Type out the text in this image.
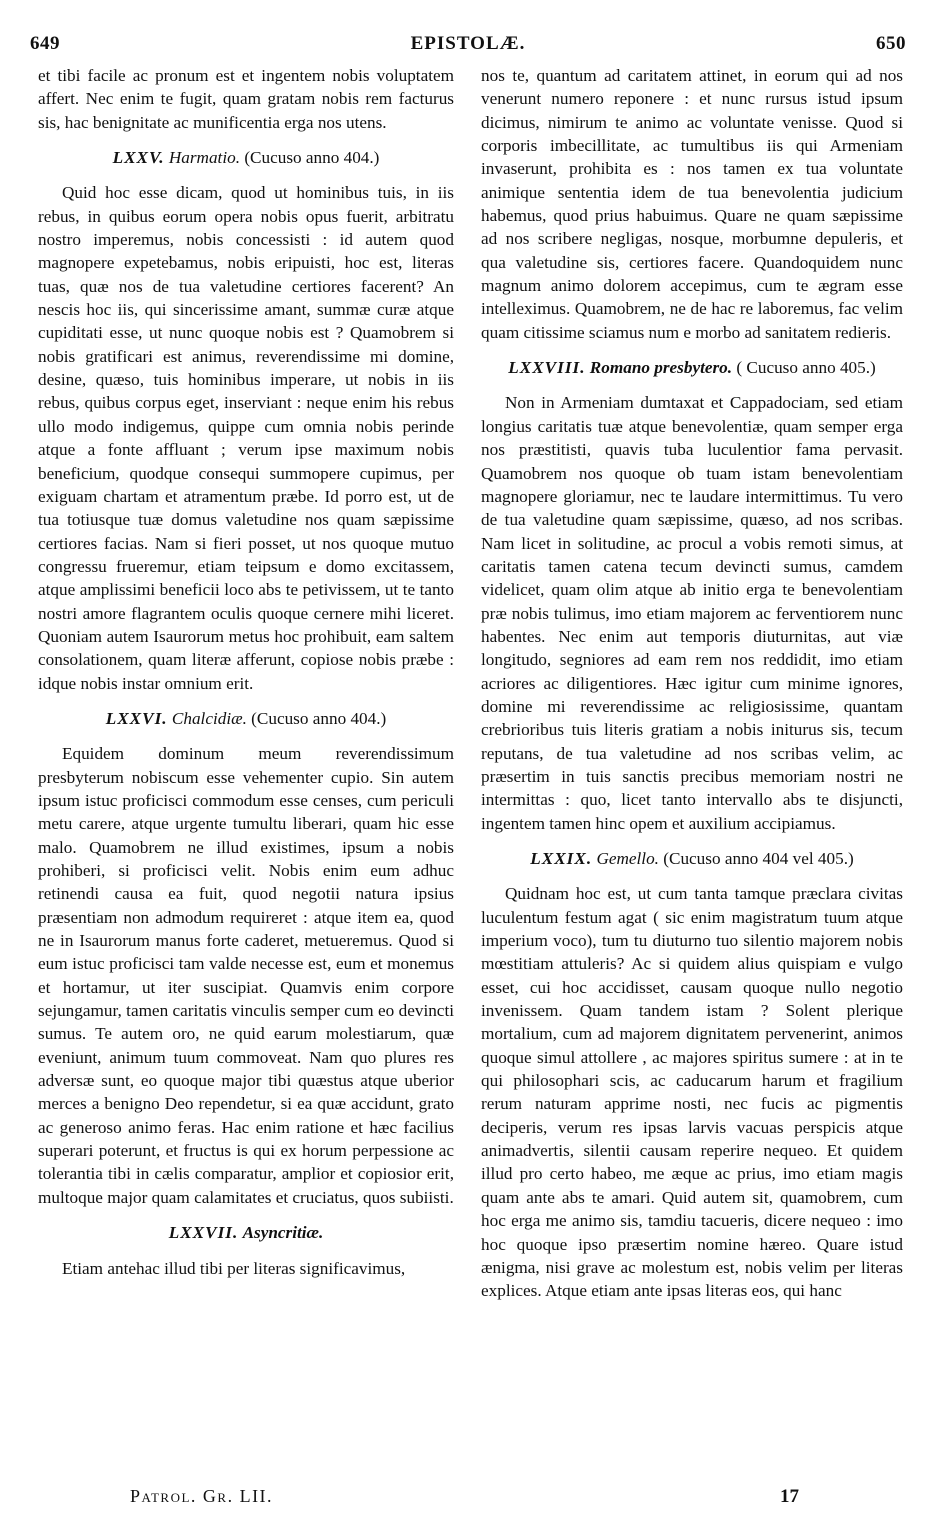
649	EPISTOLÆ.	650

et tibi facile ac pronum est et ingentem nobis voluptatem affert. Nec enim te fugit, quam gratam nobis rem facturus sis, hac benignitate ac munificentia erga nos utens.

LXXV. Harmatio. (Cucuso anno 404.)

Quid hoc esse dicam, quod ut hominibus tuis, in iis rebus, in quibus eorum opera nobis opus fuerit, arbitratu nostro imperemus, nobis concessisti : id autem quod magnopere expetebamus, nobis eripuisti, hoc est, literas tuas, quæ nos de tua valetudine certiores facerent? An nescis hoc iis, qui sincerissime amant, summæ curæ atque cupiditati esse, ut nunc quoque nobis est ? Quamobrem si nobis gratificari est animus, reverendissime mi domine, desine, quæso, tuis hominibus imperare, ut nobis in iis rebus, quibus corpus eget, inserviant : neque enim his rebus ullo modo indigemus, quippe cum omnia nobis perinde atque a fonte affluant ; verum ipse maximum nobis beneficium, quodque consequi summopere cupimus, per exiguam chartam et atramentum præbe. Id porro est, ut de tua totiusque tuæ domus valetudine nos quam sæpissime certiores facias. Nam si fieri posset, ut nos quoque mutuo congressu frueremur, etiam teipsum e domo excitassem, atque amplissimi beneficii loco abs te petivissem, ut te tanto nostri amore flagrantem oculis quoque cernere mihi liceret. Quoniam autem Isaurorum metus hoc prohibuit, eam saltem consolationem, quam literæ afferunt, copiose nobis præbe : idque nobis instar omnium erit.

LXXVI. Chalcidiæ. (Cucuso anno 404.)

Equidem dominum meum reverendissimum presbyterum nobiscum esse vehementer cupio. Sin autem ipsum istuc proficisci commodum esse censes, cum periculi metu carere, atque urgente tumultu liberari, quam hic esse malo. Quamobrem ne illud existimes, ipsum a nobis prohiberi, si proficisci velit. Nobis enim eum adhuc retinendi causa ea fuit, quod negotii natura ipsius præsentiam non admodum requireret : atque item ea, quod ne in Isaurorum manus forte caderet, metueremus. Quod si eum istuc proficisci tam valde necesse est, eum et monemus et hortamur, ut iter suscipiat. Quamvis enim corpore sejungamur, tamen caritatis vinculis semper cum eo devincti sumus. Te autem oro, ne quid earum molestiarum, quæ eveniunt, animum tuum commoveat. Nam quo plures res adversæ sunt, eo quoque major tibi quæstus atque uberior merces a benigno Deo rependetur, si ea quæ accidunt, grato ac generoso animo feras. Hac enim ratione et hæc facilius superari poterunt, et fructus is qui ex horum perpessione ac tolerantia tibi in cælis comparatur, amplior et copiosior erit, multoque major quam calamitates et cruciatus, quos subiisti.

LXXVII. Asyncritiæ.

Etiam antehac illud tibi per literas significavimus,

nos te, quantum ad caritatem attinet, in eorum qui ad nos venerunt numero reponere : et nunc rursus istud ipsum dicimus, nimirum te animo ac voluntate venisse. Quod si corporis imbecillitate, ac tumultibus iis qui Armeniam invaserunt, prohibita es : nos tamen ex tua voluntate animique sententia idem de tua benevolentia judicium habemus, quod prius habuimus. Quare ne quam sæpissime ad nos scribere negligas, nosque, morbumne depuleris, et qua valetudine sis, certiores facere. Quandoquidem nunc magnum animo dolorem accepimus, cum te ægram esse intelleximus. Quamobrem, ne de hac re laboremus, fac velim quam citissime sciamus num e morbo ad sanitatem redieris.

LXXVIII. Romano presbytero. ( Cucuso anno 405.)

Non in Armeniam dumtaxat et Cappadociam, sed etiam longius caritatis tuæ atque benevolentiæ, quam semper erga nos præstitisti, quavis tuba luculentior fama pervasit. Quamobrem nos quoque ob tuam istam benevolentiam magnopere gloriamur, nec te laudare intermittimus. Tu vero de tua valetudine quam sæpissime, quæso, ad nos scribas. Nam licet in solitudine, ac procul a vobis remoti simus, at caritatis tamen catena tecum devincti sumus, camdem videlicet, quam olim atque ab initio erga te benevolentiam præ nobis tulimus, imo etiam majorem ac ferventiorem nunc habentes. Nec enim aut temporis diuturnitas, aut viæ longitudo, segniores ad eam rem nos reddidit, imo etiam acriores ac diligentiores. Hæc igitur cum minime ignores, domine mi reverendissime ac religiosissime, quantam crebrioribus tuis literis gratiam a nobis initurus sis, tecum reputans, de tua valetudine ad nos scribas velim, ac præsertim in tuis sanctis precibus memoriam nostri ne intermittas : quo, licet tanto intervallo abs te disjuncti, ingentem tamen hinc opem et auxilium accipiamus.

LXXIX. Gemello. (Cucuso anno 404 vel 405.)

Quidnam hoc est, ut cum tanta tamque præclara civitas luculentum festum agat ( sic enim magistratum tuum atque imperium voco), tum tu diuturno tuo silentio majorem nobis mœstitiam attuleris? Ac si quidem alius quispiam e vulgo esset, cui hoc accidisset, causam quoque nullo negotio invenissem. Quam tandem istam ? Solent plerique mortalium, cum ad majorem dignitatem pervenerint, animos quoque simul attollere , ac majores spiritus sumere : at in te qui philosophari scis, ac caducarum harum et fragilium rerum naturam apprime nosti, nec fucis ac pigmentis deciperis, verum res ipsas larvis vacuas perspicis atque animadvertis, silentii causam reperire nequeo. Et quidem illud pro certo habeo, me æque ac prius, imo etiam magis quam ante abs te amari. Quid autem sit, quamobrem, cum hoc erga me animo sis, tamdiu tacueris, dicere nequeo : imo hoc quoque ipso præsertim nomine hæreo. Quare istud ænigma, nisi grave ac molestum est, nobis velim per literas explices. Atque etiam ante ipsas literas eos, qui hanc

Patrol. Gr. LII.	17
